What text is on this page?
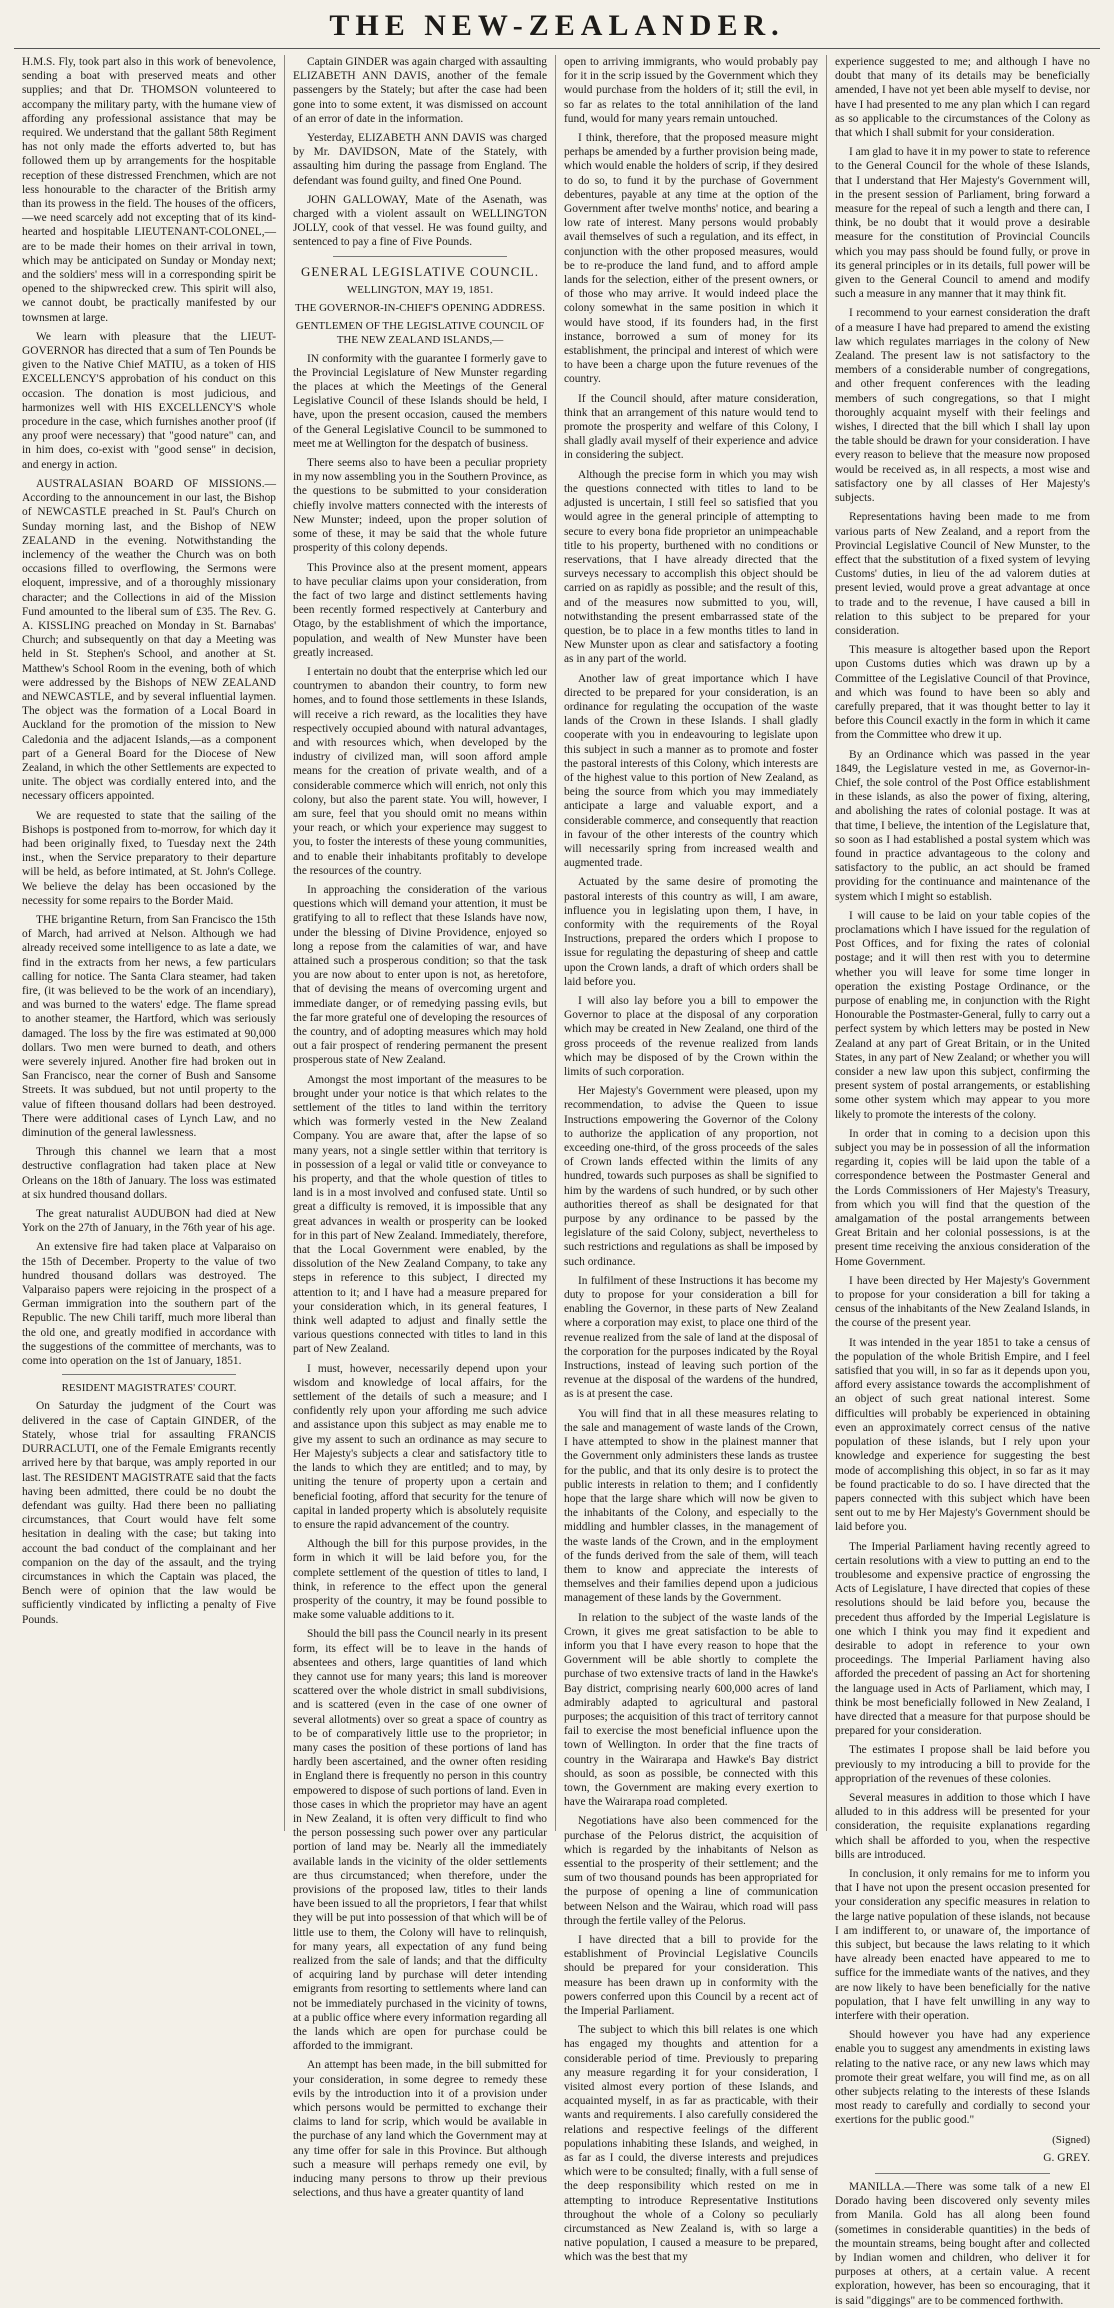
THE NEW-ZEALANDER.

H.M.S. Fly, took part also in this work of benevolence, sending a boat with preserved meats and other supplies; and that Dr. THOMSON volunteered to accompany the military party, with the humane view of affording any professional assistance that may be required. We understand that the gallant 58th Regiment has not only made the efforts adverted to, but has followed them up by arrangements for the hospitable reception of these distressed Frenchmen, which are not less honourable to the character of the British army than its prowess in the field. The houses of the officers,—we need scarcely add not excepting that of its kind-hearted and hospitable LIEUTENANT-COLONEL,—are to be made their homes on their arrival in town, which may be anticipated on Sunday or Monday next; and the soldiers' mess will in a corresponding spirit be opened to the shipwrecked crew. This spirit will also, we cannot doubt, be practically manifested by our townsmen at large.

We learn with pleasure that the LIEUT-GOVERNOR has directed that a sum of Ten Pounds be given to the Native Chief MATIU, as a token of HIS EXCELLENCY'S approbation of his conduct on this occasion. The donation is most judicious, and harmonizes well with HIS EXCELLENCY'S whole procedure in the case, which furnishes another proof (if any proof were necessary) that "good nature" can, and in him does, co-exist with "good sense" in decision, and energy in action.

AUSTRALASIAN BOARD OF MISSIONS.—According to the announcement in our last, the Bishop of NEWCASTLE preached in St. Paul's Church on Sunday morning last, and the Bishop of NEW ZEALAND in the evening. Notwithstanding the inclemency of the weather the Church was on both occasions filled to overflowing, the Sermons were eloquent, impressive, and of a thoroughly missionary character; and the Collections in aid of the Mission Fund amounted to the liberal sum of £35. The Rev. G. A. KISSLING preached on Monday in St. Barnabas' Church; and subsequently on that day a Meeting was held in St. Stephen's School, and another at St. Matthew's School Room in the evening, both of which were addressed by the Bishops of NEW ZEALAND and NEWCASTLE, and by several influential laymen. The object was the formation of a Local Board in Auckland for the promotion of the mission to New Caledonia and the adjacent Islands,—as a component part of a General Board for the Diocese of New Zealand, in which the other Settlements are expected to unite. The object was cordially entered into, and the necessary officers appointed.

We are requested to state that the sailing of the Bishops is postponed from to-morrow, for which day it had been originally fixed, to Tuesday next the 24th inst., when the Service preparatory to their departure will be held, as before intimated, at St. John's College. We believe the delay has been occasioned by the necessity for some repairs to the Border Maid.

THE brigantine Return, from San Francisco the 15th of March, had arrived at Nelson. Although we had already received some intelligence to as late a date, we find in the extracts from her news, a few particulars calling for notice. The Santa Clara steamer, had taken fire, (it was believed to be the work of an incendiary), and was burned to the waters' edge. The flame spread to another steamer, the Hartford, which was seriously damaged. The loss by the fire was estimated at 90,000 dollars. Two men were burned to death, and others were severely injured. Another fire had broken out in San Francisco, near the corner of Bush and Sansome Streets. It was subdued, but not until property to the value of fifteen thousand dollars had been destroyed. There were additional cases of Lynch Law, and no diminution of the general lawlessness.

Through this channel we learn that a most destructive conflagration had taken place at New Orleans on the 18th of January. The loss was estimated at six hundred thousand dollars.

The great naturalist AUDUBON had died at New York on the 27th of January, in the 76th year of his age.

An extensive fire had taken place at Valparaiso on the 15th of December. Property to the value of two hundred thousand dollars was destroyed. The Valparaiso papers were rejoicing in the prospect of a German immigration into the southern part of the Republic. The new Chili tariff, much more liberal than the old one, and greatly modified in accordance with the suggestions of the committee of merchants, was to come into operation on the 1st of January, 1851.

RESIDENT MAGISTRATES' COURT.

On Saturday the judgment of the Court was delivered in the case of Captain GINDER, of the Stately, whose trial for assaulting FRANCIS DURRACLUTI, one of the Female Emigrants recently arrived here by that barque, was amply reported in our last. The RESIDENT MAGISTRATE said that the facts having been admitted, there could be no doubt the defendant was guilty. Had there been no palliating circumstances, that Court would have felt some hesitation in dealing with the case; but taking into account the bad conduct of the complainant and her companion on the day of the assault, and the trying circumstances in which the Captain was placed, the Bench were of opinion that the law would be sufficiently vindicated by inflicting a penalty of Five Pounds.

Captain GINDER was again charged with assaulting ELIZABETH ANN DAVIS, another of the female passengers by the Stately; but after the case had been gone into to some extent, it was dismissed on account of an error of date in the information.

Yesterday, ELIZABETH ANN DAVIS was charged by Mr. DAVIDSON, Mate of the Stately, with assaulting him during the passage from England. The defendant was found guilty, and fined One Pound.

JOHN GALLOWAY, Mate of the Asenath, was charged with a violent assault on WELLINGTON JOLLY, cook of that vessel. He was found guilty, and sentenced to pay a fine of Five Pounds.

GENERAL LEGISLATIVE COUNCIL.
WELLINGTON, MAY 19, 1851.
THE GOVERNOR-IN-CHIEF'S OPENING ADDRESS.
GENTLEMEN OF THE LEGISLATIVE COUNCIL OF THE NEW ZEALAND ISLANDS,—

IN conformity with the guarantee I formerly gave to the Provincial Legislature of New Munster regarding the places at which the Meetings of the General Legislative Council of these Islands should be held, I have, upon the present occasion, caused the members of the General Legislative Council to be summoned to meet me at Wellington for the despatch of business.

There seems also to have been a peculiar propriety in my now assembling you in the Southern Province, as the questions to be submitted to your consideration chiefly involve matters connected with the interests of New Munster; indeed, upon the proper solution of some of these, it may be said that the whole future prosperity of this colony depends.

This Province also at the present moment, appears to have peculiar claims upon your consideration, from the fact of two large and distinct settlements having been recently formed respectively at Canterbury and Otago, by the establishment of which the importance, population, and wealth of New Munster have been greatly increased.

I entertain no doubt that the enterprise which led our countrymen to abandon their country, to form new homes, and to found those settlements in these Islands, will receive a rich reward, as the localities they have respectively occupied abound with natural advantages, and with resources which, when developed by the industry of civilized man, will soon afford ample means for the creation of private wealth, and of a considerable commerce which will enrich, not only this colony, but also the parent state. You will, however, I am sure, feel that you should omit no means within your reach, or which your experience may suggest to you, to foster the interests of these young communities, and to enable their inhabitants profitably to develope the resources of the country.

In approaching the consideration of the various questions which will demand your attention, it must be gratifying to all to reflect that these Islands have now, under the blessing of Divine Providence, enjoyed so long a repose from the calamities of war, and have attained such a prosperous condition; so that the task you are now about to enter upon is not, as heretofore, that of devising the means of overcoming urgent and immediate danger, or of remedying passing evils, but the far more grateful one of developing the resources of the country, and of adopting measures which may hold out a fair prospect of rendering permanent the present prosperous state of New Zealand.

Amongst the most important of the measures to be brought under your notice is that which relates to the settlement of the titles to land within the territory which was formerly vested in the New Zealand Company. You are aware that, after the lapse of so many years, not a single settler within that territory is in possession of a legal or valid title or conveyance to his property, and that the whole question of titles to land is in a most involved and confused state. Until so great a difficulty is removed, it is impossible that any great advances in wealth or prosperity can be looked for in this part of New Zealand. Immediately, therefore, that the Local Government were enabled, by the dissolution of the New Zealand Company, to take any steps in reference to this subject, I directed my attention to it; and I have had a measure prepared for your consideration which, in its general features, I think well adapted to adjust and finally settle the various questions connected with titles to land in this part of New Zealand.

I must, however, necessarily depend upon your wisdom and knowledge of local affairs, for the settlement of the details of such a measure; and I confidently rely upon your affording me such advice and assistance upon this subject as may enable me to give my assent to such an ordinance as may secure to Her Majesty's subjects a clear and satisfactory title to the lands to which they are entitled; and to may, by uniting the tenure of property upon a certain and beneficial footing, afford that security for the tenure of capital in landed property which is absolutely requisite to ensure the rapid advancement of the country.

Although the bill for this purpose provides, in the form in which it will be laid before you, for the complete settlement of the question of titles to land, I think, in reference to the effect upon the general prosperity of the country, it may be found possible to make some valuable additions to it.

Should the bill pass the Council nearly in its present form, its effect will be to leave in the hands of absentees and others, large quantities of land which they cannot use for many years; this land is moreover scattered over the whole district in small subdivisions, and is scattered (even in the case of one owner of several allotments) over so great a space of country as to be of comparatively little use to the proprietor; in many cases the position of these portions of land has hardly been ascertained, and the owner often residing in England there is frequently no person in this country empowered to dispose of such portions of land. Even in those cases in which the proprietor may have an agent in New Zealand, it is often very difficult to find who the person possessing such power over any particular portion of land may be. Nearly all the immediately available lands in the vicinity of the older settlements are thus circumstanced; when therefore, under the provisions of the proposed law, titles to their lands have been issued to all the proprietors, I fear that whilst they will be put into possession of that which will be of little use to them, the Colony will have to relinquish, for many years, all expectation of any fund being realized from the sale of lands; and that the difficulty of acquiring land by purchase will deter intending emigrants from resorting to settlements where land can not be immediately purchased in the vicinity of towns, at a public office where every information regarding all the lands which are open for purchase could be afforded to the immigrant.

An attempt has been made, in the bill submitted for your consideration, in some degree to remedy these evils by the introduction into it of a provision under which persons would be permitted to exchange their claims to land for scrip, which would be available in the purchase of any land which the Government may at any time offer for sale in this Province. But although such a measure will perhaps remedy one evil, by inducing many persons to throw up their previous selections, and thus have a greater quantity of land

open to arriving immigrants, who would probably pay for it in the scrip issued by the Government which they would purchase from the holders of it; still the evil, in so far as relates to the total annihilation of the land fund, would for many years remain untouched.

I think, therefore, that the proposed measure might perhaps be amended by a further provision being made, which would enable the holders of scrip, if they desired to do so, to fund it by the purchase of Government debentures, payable at any time at the option of the Government after twelve months' notice, and bearing a low rate of interest. Many persons would probably avail themselves of such a regulation, and its effect, in conjunction with the other proposed measures, would be to re-produce the land fund, and to afford ample lands for the selection, either of the present owners, or of those who may arrive. It would indeed place the colony somewhat in the same position in which it would have stood, if its founders had, in the first instance, borrowed a sum of money for its establishment, the principal and interest of which were to have been a charge upon the future revenues of the country.

If the Council should, after mature consideration, think that an arrangement of this nature would tend to promote the prosperity and welfare of this Colony, I shall gladly avail myself of their experience and advice in considering the subject.

Although the precise form in which you may wish the questions connected with titles to land to be adjusted is uncertain, I still feel so satisfied that you would agree in the general principle of attempting to secure to every bona fide proprietor an unimpeachable title to his property, burthened with no conditions or reservations, that I have already directed that the surveys necessary to accomplish this object should be carried on as rapidly as possible; and the result of this, and of the measures now submitted to you, will, notwithstanding the present embarrassed state of the question, be to place in a few months titles to land in New Munster upon as clear and satisfactory a footing as in any part of the world.

Another law of great importance which I have directed to be prepared for your consideration, is an ordinance for regulating the occupation of the waste lands of the Crown in these Islands. I shall gladly cooperate with you in endeavouring to legislate upon this subject in such a manner as to promote and foster the pastoral interests of this Colony, which interests are of the highest value to this portion of New Zealand, as being the source from which you may immediately anticipate a large and valuable export, and a considerable commerce, and consequently that reaction in favour of the other interests of the country which will necessarily spring from increased wealth and augmented trade.

Actuated by the same desire of promoting the pastoral interests of this country as will, I am aware, influence you in legislating upon them, I have, in conformity with the requirements of the Royal Instructions, prepared the orders which I propose to issue for regulating the depasturing of sheep and cattle upon the Crown lands, a draft of which orders shall be laid before you.

I will also lay before you a bill to empower the Governor to place at the disposal of any corporation which may be created in New Zealand, one third of the gross proceeds of the revenue realized from lands which may be disposed of by the Crown within the limits of such corporation.

Her Majesty's Government were pleased, upon my recommendation, to advise the Queen to issue Instructions empowering the Governor of the Colony to authorize the application of any proportion, not exceeding one-third, of the gross proceeds of the sales of Crown lands effected within the limits of any hundred, towards such purposes as shall be signified to him by the wardens of such hundred, or by such other authorities thereof as shall be designated for that purpose by any ordinance to be passed by the legislature of the said Colony, subject, nevertheless to such restrictions and regulations as shall be imposed by such ordinance.

In fulfilment of these Instructions it has become my duty to propose for your consideration a bill for enabling the Governor, in these parts of New Zealand where a corporation may exist, to place one third of the revenue realized from the sale of land at the disposal of the corporation for the purposes indicated by the Royal Instructions, instead of leaving such portion of the revenue at the disposal of the wardens of the hundred, as is at present the case.

You will find that in all these measures relating to the sale and management of waste lands of the Crown, I have attempted to show in the plainest manner that the Government only administers these lands as trustee for the public, and that its only desire is to protect the public interests in relation to them; and I confidently hope that the large share which will now be given to the inhabitants of the Colony, and especially to the middling and humbler classes, in the management of the waste lands of the Crown, and in the employment of the funds derived from the sale of them, will teach them to know and appreciate the interests of themselves and their families depend upon a judicious management of these lands by the Government.

In relation to the subject of the waste lands of the Crown, it gives me great satisfaction to be able to inform you that I have every reason to hope that the Government will be able shortly to complete the purchase of two extensive tracts of land in the Hawke's Bay district, comprising nearly 600,000 acres of land admirably adapted to agricultural and pastoral purposes; the acquisition of this tract of territory cannot fail to exercise the most beneficial influence upon the town of Wellington. In order that the fine tracts of country in the Wairarapa and Hawke's Bay district should, as soon as possible, be connected with this town, the Government are making every exertion to have the Wairarapa road completed.

Negotiations have also been commenced for the purchase of the Pelorus district, the acquisition of which is regarded by the inhabitants of Nelson as essential to the prosperity of their settlement; and the sum of two thousand pounds has been appropriated for the purpose of opening a line of communication between Nelson and the Wairau, which road will pass through the fertile valley of the Pelorus.

I have directed that a bill to provide for the establishment of Provincial Legislative Councils should be prepared for your consideration. This measure has been drawn up in conformity with the powers conferred upon this Council by a recent act of the Imperial Parliament.

The subject to which this bill relates is one which has engaged my thoughts and attention for a considerable period of time. Previously to preparing any measure regarding it for your consideration, I visited almost every portion of these Islands, and acquainted myself, in as far as practicable, with their wants and requirements. I also carefully considered the relations and respective feelings of the different populations inhabiting these Islands, and weighed, in as far as I could, the diverse interests and prejudices which were to be consulted; finally, with a full sense of the deep responsibility which rested on me in attempting to introduce Representative Institutions throughout the whole of a Colony so peculiarly circumstanced as New Zealand is, with so large a native population, I caused a measure to be prepared, which was the best that my

experience suggested to me; and although I have no doubt that many of its details may be beneficially amended, I have not yet been able myself to devise, nor have I had presented to me any plan which I can regard as so applicable to the circumstances of the Colony as that which I shall submit for your consideration.

I am glad to have it in my power to state to reference to the General Council for the whole of these Islands, that I understand that Her Majesty's Government will, in the present session of Parliament, bring forward a measure for the repeal of such a length and there can, I think, be no doubt that it would prove a desirable measure for the constitution of Provincial Councils which you may pass should be found fully, or prove in its general principles or in its details, full power will be given to the General Council to amend and modify such a measure in any manner that it may think fit.

I recommend to your earnest consideration the draft of a measure I have had prepared to amend the existing law which regulates marriages in the colony of New Zealand. The present law is not satisfactory to the members of a considerable number of congregations, and other frequent conferences with the leading members of such congregations, so that I might thoroughly acquaint myself with their feelings and wishes, I directed that the bill which I shall lay upon the table should be drawn for your consideration. I have every reason to believe that the measure now proposed would be received as, in all respects, a most wise and satisfactory one by all classes of Her Majesty's subjects.

Representations having been made to me from various parts of New Zealand, and a report from the Provincial Legislative Council of New Munster, to the effect that the substitution of a fixed system of levying Customs' duties, in lieu of the ad valorem duties at present levied, would prove a great advantage at once to trade and to the revenue, I have caused a bill in relation to this subject to be prepared for your consideration.

This measure is altogether based upon the Report upon Customs duties which was drawn up by a Committee of the Legislative Council of that Province, and which was found to have been so ably and carefully prepared, that it was thought better to lay it before this Council exactly in the form in which it came from the Committee who drew it up.

By an Ordinance which was passed in the year 1849, the Legislature vested in me, as Governor-in-Chief, the sole control of the Post Office establishment in these islands, as also the power of fixing, altering, and abolishing the rates of colonial postage. It was at that time, I believe, the intention of the Legislature that, so soon as I had established a postal system which was found in practice advantageous to the colony and satisfactory to the public, an act should be framed providing for the continuance and maintenance of the system which I might so establish.

I will cause to be laid on your table copies of the proclamations which I have issued for the regulation of Post Offices, and for fixing the rates of colonial postage; and it will then rest with you to determine whether you will leave for some time longer in operation the existing Postage Ordinance, or the purpose of enabling me, in conjunction with the Right Honourable the Postmaster-General, fully to carry out a perfect system by which letters may be posted in New Zealand at any part of Great Britain, or in the United States, in any part of New Zealand; or whether you will consider a new law upon this subject, confirming the present system of postal arrangements, or establishing some other system which may appear to you more likely to promote the interests of the colony.

In order that in coming to a decision upon this subject you may be in possession of all the information regarding it, copies will be laid upon the table of a correspondence between the Postmaster General and the Lords Commissioners of Her Majesty's Treasury, from which you will find that the question of the amalgamation of the postal arrangements between Great Britain and her colonial possessions, is at the present time receiving the anxious consideration of the Home Government.

I have been directed by Her Majesty's Government to propose for your consideration a bill for taking a census of the inhabitants of the New Zealand Islands, in the course of the present year.

It was intended in the year 1851 to take a census of the population of the whole British Empire, and I feel satisfied that you will, in so far as it depends upon you, afford every assistance towards the accomplishment of an object of such great national interest. Some difficulties will probably be experienced in obtaining even an approximately correct census of the native population of these islands, but I rely upon your knowledge and experience for suggesting the best mode of accomplishing this object, in so far as it may be found practicable to do so. I have directed that the papers connected with this subject which have been sent out to me by Her Majesty's Government should be laid before you.

The Imperial Parliament having recently agreed to certain resolutions with a view to putting an end to the troublesome and expensive practice of engrossing the Acts of Legislature, I have directed that copies of these resolutions should be laid before you, because the precedent thus afforded by the Imperial Legislature is one which I think you may find it expedient and desirable to adopt in reference to your own proceedings. The Imperial Parliament having also afforded the precedent of passing an Act for shortening the language used in Acts of Parliament, which may, I think be most beneficially followed in New Zealand, I have directed that a measure for that purpose should be prepared for your consideration.

The estimates I propose shall be laid before you previously to my introducing a bill to provide for the appropriation of the revenues of these colonies.

Several measures in addition to those which I have alluded to in this address will be presented for your consideration, the requisite explanations regarding which shall be afforded to you, when the respective bills are introduced.

In conclusion, it only remains for me to inform you that I have not upon the present occasion presented for your consideration any specific measures in relation to the large native population of these islands, not because I am indifferent to, or unaware of, the importance of this subject, but because the laws relating to it which have already been enacted have appeared to me to suffice for the immediate wants of the natives, and they are now likely to have been beneficially for the native population, that I have felt unwilling in any way to interfere with their operation.

Should however you have had any experience enable you to suggest any amendments in existing laws relating to the native race, or any new laws which may promote their great welfare, you will find me, as on all other subjects relating to the interests of these Islands most ready to carefully and cordially to second your exertions for the public good."

(Signed)
G. GREY.

MANILLA.—There was some talk of a new El Dorado having been discovered only seventy miles from Manila. Gold has all along been found (sometimes in considerable quantities) in the beds of the mountain streams, being bought after and collected by Indian women and children, who deliver it for purposes at others, at a certain value. A recent exploration, however, has been so encouraging, that it is said "diggings" are to be commenced forthwith.
